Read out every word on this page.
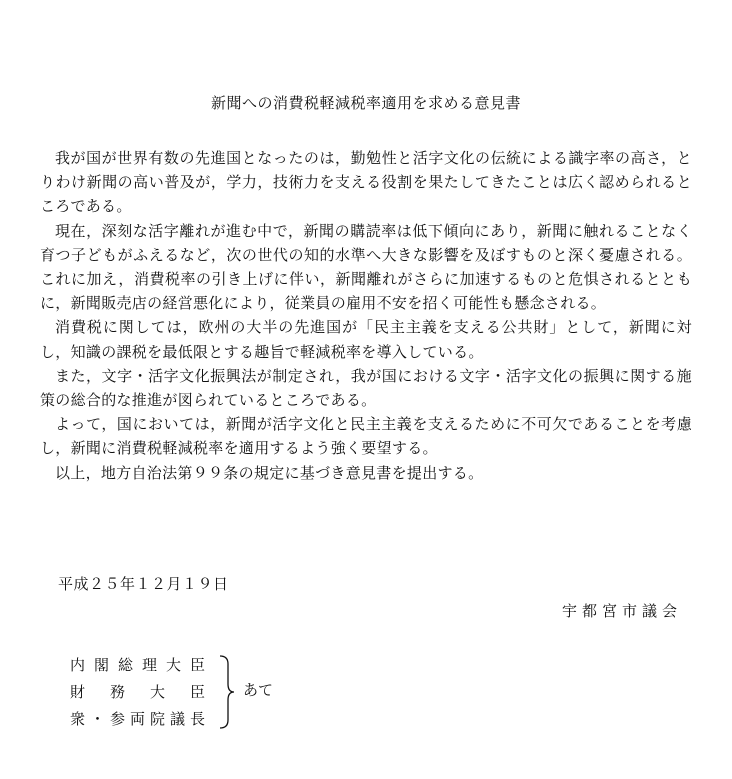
新聞への消費税軽減税率適用を求める意見書

我が国が世界有数の先進国となったのは，勤勉性と活字文化の伝統による識字率の高さ，とりわけ新聞の高い普及が，学力，技術力を支える役割を果たしてきたことは広く認められるところである。

現在，深刻な活字離れが進む中で，新聞の購読率は低下傾向にあり，新聞に触れることなく育つ子どもがふえるなど，次の世代の知的水準へ大きな影響を及ぼすものと深く憂慮される。これに加え，消費税率の引き上げに伴い，新聞離れがさらに加速するものと危惧されるとともに，新聞販売店の経営悪化により，従業員の雇用不安を招く可能性も懸念される。

消費税に関しては，欧州の大半の先進国が「民主主義を支える公共財」として，新聞に対し，知識の課税を最低限とする趣旨で軽減税率を導入している。

また，文字・活字文化振興法が制定され，我が国における文字・活字文化の振興に関する施策の総合的な推進が図られているところである。

よって，国においては，新聞が活字文化と民主主義を支えるために不可欠であることを考慮し，新聞に消費税軽減税率を適用するよう強く要望する。

以上，地方自治法第９９条の規定に基づき意見書を提出する。

平成２５年１２月１９日
宇都宮市議会
内閣総理大臣
財務大臣
衆・参両院議長
あて
